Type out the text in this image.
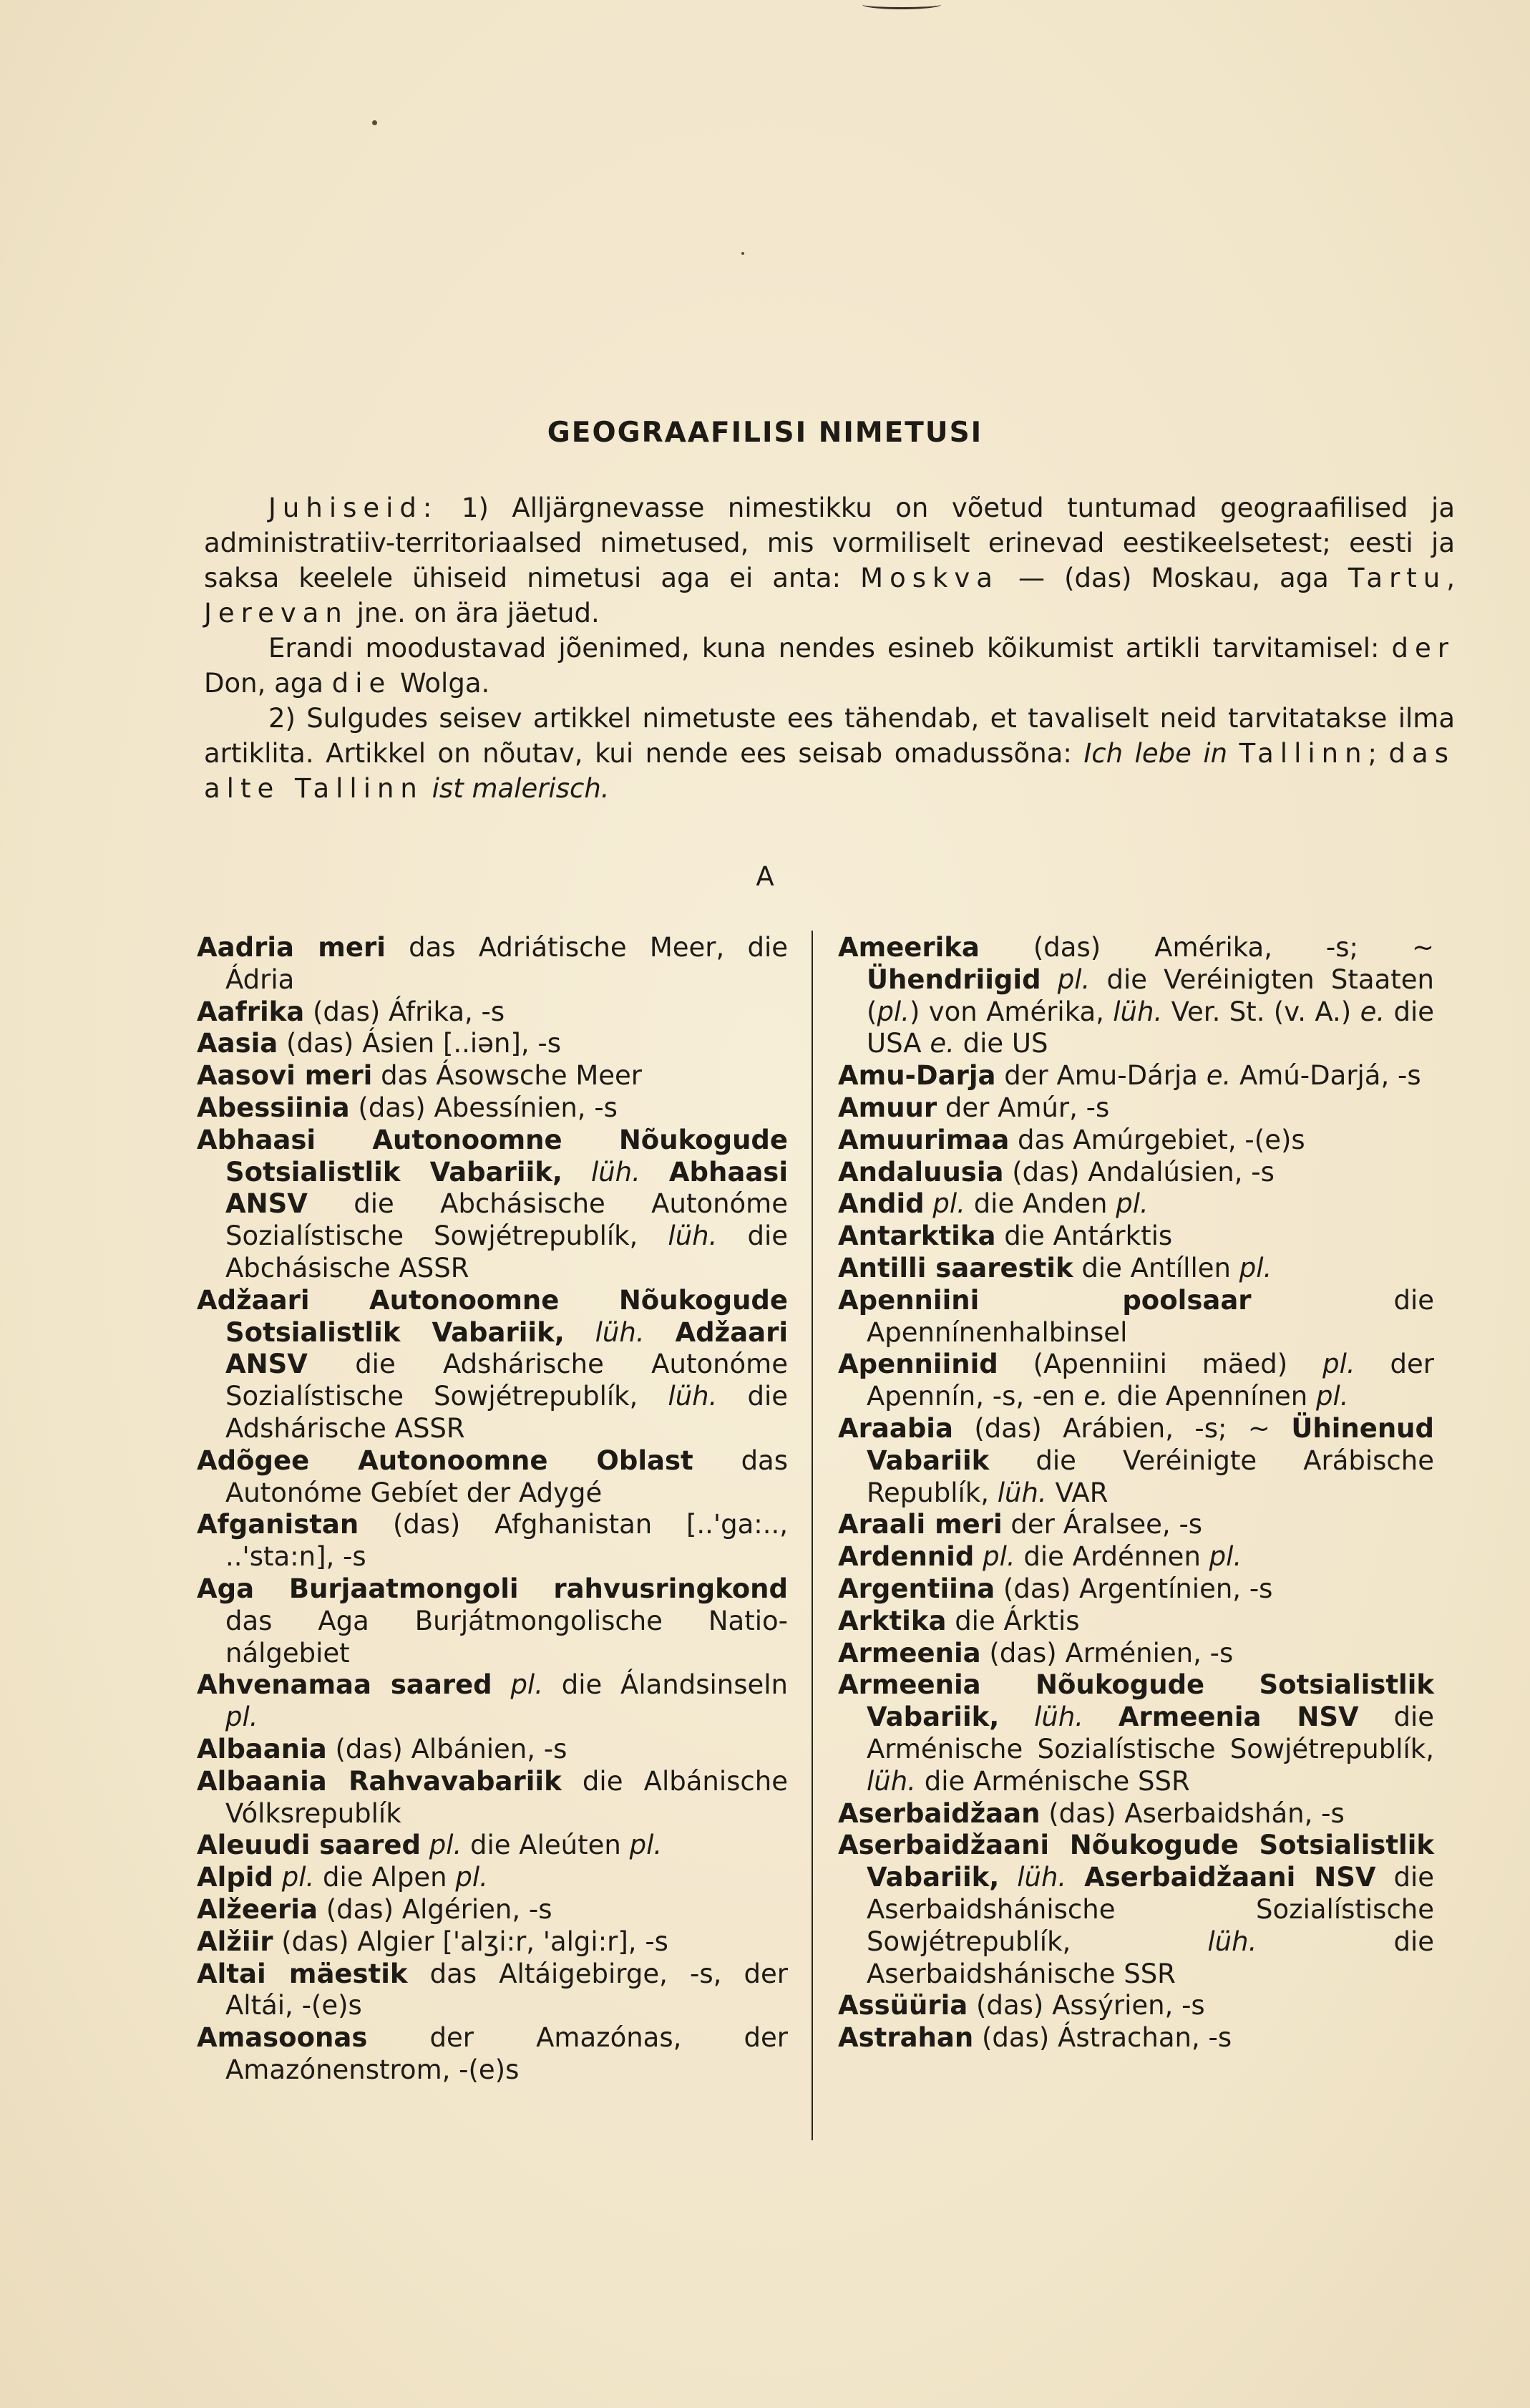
GEOGRAAFILISI NIMETUSI

Juhiseid: 1) Alljärgnevasse nimestikku on võetud tuntumad geograafilised ja administratiiv-territoriaalsed nimetused, mis vormiliselt erinevad eestikeelsetest; eesti ja saksa keelele ühiseid nimetusi aga ei anta: Moskva — (das) Moskau, aga Tartu, Jerevan jne. on ära jäetud.

Erandi moodustavad jõenimed, kuna nendes esineb kõikumist artikli tarvitamisel: der Don, aga die Wolga.

2) Sulgudes seisev artikkel nimetuste ees tähendab, et tavaliselt neid tarvitatakse ilma artiklita. Artikkel on nõutav, kui nende ees seisab omadussõna: Ich lebe in Tallinn; das alte Tallinn ist malerisch.

A
Aadria meri das Adriátische Meer, die Ádria
Aafrika (das) Áfrika, -s
Aasia (das) Ásien [..iən], -s
Aasovi meri das Ásowsche Meer
Abessiinia (das) Abessínien, -s
Abhaasi Autonoomne Nõukogude Sotsialistlik Vabariik, lüh. Abhaasi ANSV die Abchásische Autonóme Sozialístische Sowjétrepublík, lüh. die Abchásische ASSR
Adžaari Autonoomne Nõukogude Sotsialistlik Vabariik, lüh. Adžaari ANSV die Adshárische Autonóme Sozialístische Sowjétrepublík, lüh. die Adshárische ASSR
Adõgee Autonoomne Oblast das Autonóme Gebíet der Adygé
Afganistan (das) Afghanistan [..'ga:.., ..'sta:n], -s
Aga Burjaatmongoli rahvusringkond das Aga Burjátmongolische Nationálgebiet
Ahvenamaa saared pl. die Álandsinseln pl.
Albaania (das) Albánien, -s
Albaania Rahvavabariik die Albánische Vólksrepublík
Aleuudi saared pl. die Aleúten pl.
Alpid pl. die Alpen pl.
Alžeeria (das) Algérien, -s
Alžiir (das) Algier ['alʒi:r, 'algi:r], -s
Altai mäestik das Altáigebirge, -s, der Altái, -(e)s
Amasoonas der Amazónas, der Amazónenstrom, -(e)s
Ameerika (das) Amérika, -s; ~ Ühendriigid pl. die Veréinigten Staaten (pl.) von Amérika, lüh. Ver. St. (v. A.) e. die USA e. die US
Amu-Darja der Amu-Dárja e. Amú-Darjá, -s
Amuur der Amúr, -s
Amuurimaa das Amúrgebiet, -(e)s
Andaluusia (das) Andalúsien, -s
Andid pl. die Anden pl.
Antarktika die Antárktis
Antilli saarestik die Antíllen pl.
Apenniini poolsaar die Apennínenhalbinsel
Apenniinid (Apenniini mäed) pl. der Apennín, -s, -en e. die Apennínen pl.
Araabia (das) Arábien, -s; ~ Ühinenud Vabariik die Veréinigte Arábische Republík, lüh. VAR
Araali meri der Áralsee, -s
Ardennid pl. die Ardénnen pl.
Argentiina (das) Argentínien, -s
Arktika die Árktis
Armeenia (das) Arménien, -s
Armeenia Nõukogude Sotsialistlik Vabariik, lüh. Armeenia NSV die Arménische Sozialístische Sowjétrepublík, lüh. die Arménische SSR
Aserbaidžaan (das) Aserbaidshán, -s
Aserbaidžaani Nõukogude Sotsialistlik Vabariik, lüh. Aserbaidžaani NSV die Aserbaidshánische Sozialístische Sowjétrepublík, lüh. die Aserbaidshánische SSR
Assüüria (das) Assýrien, -s
Astrahan (das) Ástrachan, -s
